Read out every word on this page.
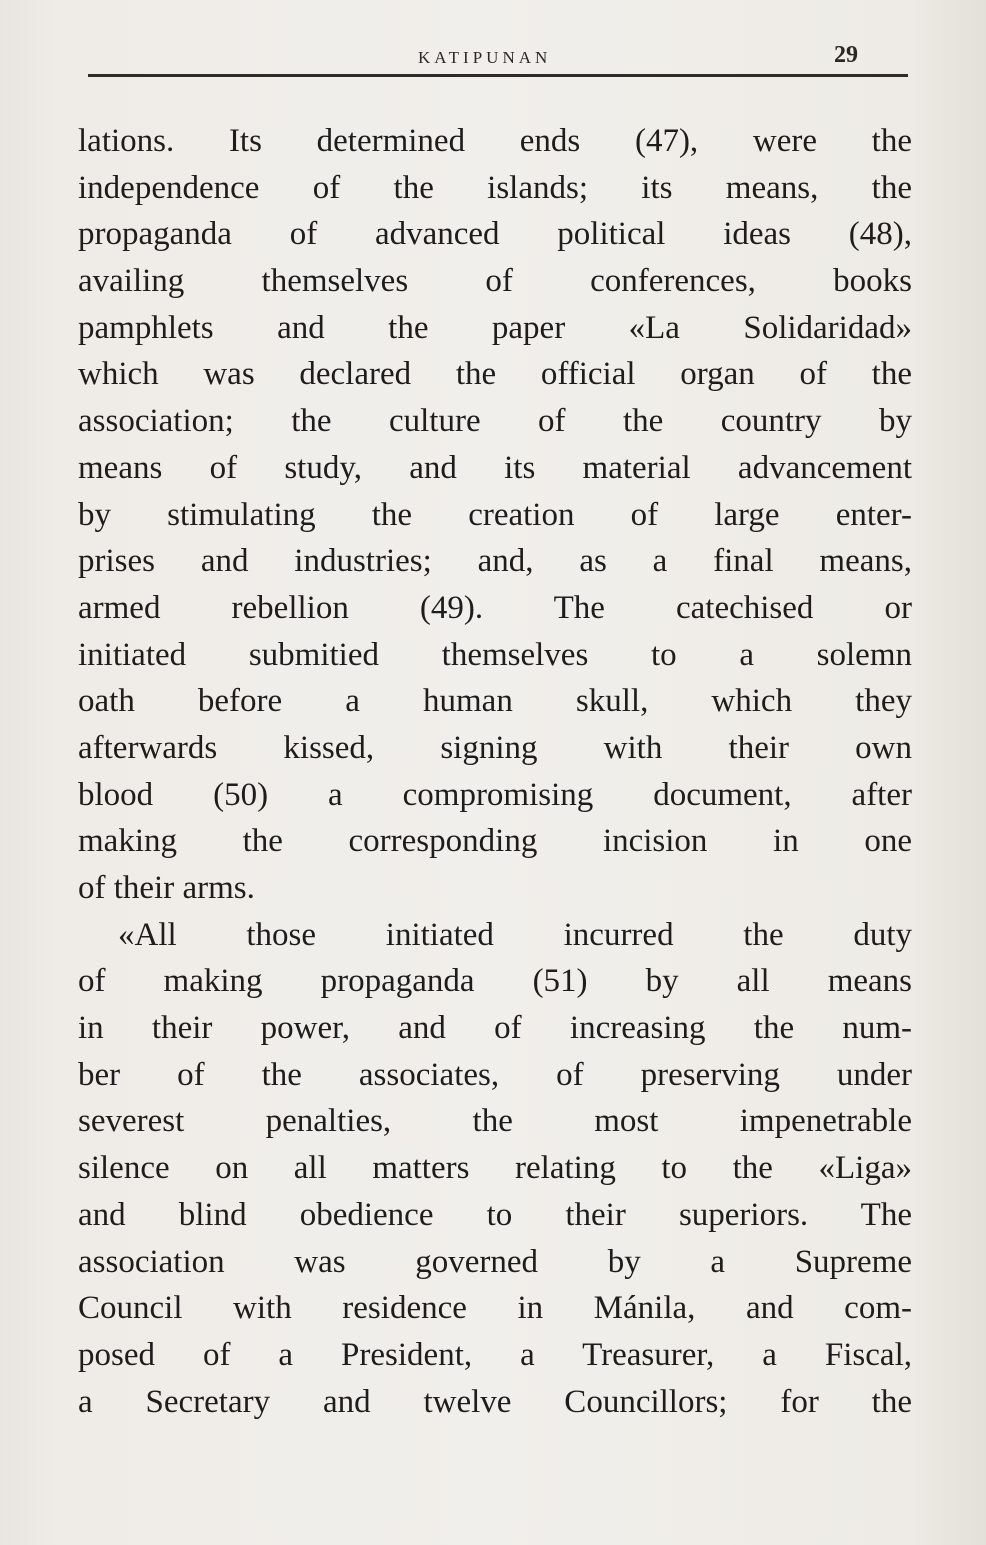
KATIPUNAN	29
lations. Its determined ends (47), were the
independence of the islands; its means, the
propaganda of advanced political ideas (48),
availing themselves of conferences, books
pamphlets and the paper «La Solidaridad»
which was declared the official organ of the
association; the culture of the country by
means of study, and its material advancement
by stimulating the creation of large enter-
prises and industries; and, as a final means,
armed rebellion (49). The catechised or
initiated submitied themselves to a solemn
oath before a human skull, which they
afterwards kissed, signing with their own
blood (50) a compromising document, after
making the corresponding incision in one
of their arms.
«All those initiated incurred the duty
of making propaganda (51) by all means
in their power, and of increasing the num-
ber of the associates, of preserving under
severest penalties, the most impenetrable
silence on all matters relating to the «Liga»
and blind obedience to their superiors. The
association was governed by a Supreme
Council with residence in Mánila, and com-
posed of a President, a Treasurer, a Fiscal,
a Secretary and twelve Councillors; for the
